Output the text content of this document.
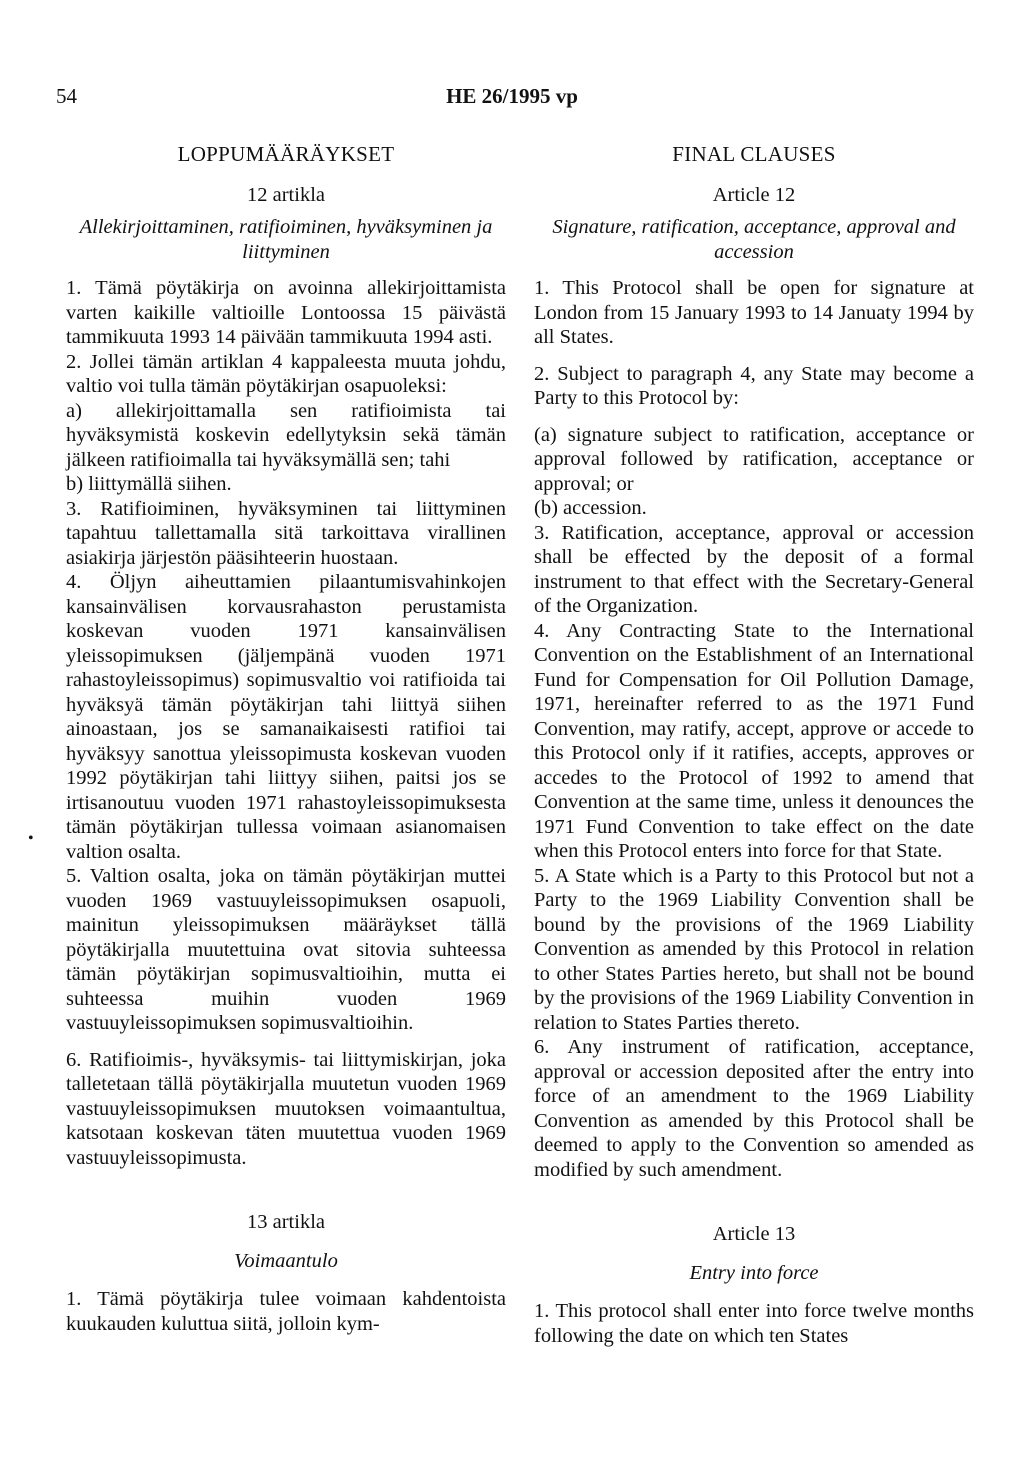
54	HE 26/1995 vp
•
LOPPUMÄÄRÄYKSET
12 artikla
Allekirjoittaminen, ratifioiminen, hyväksyminen ja liittyminen

1. Tämä pöytäkirja on avoinna allekirjoittamista varten kaikille valtioille Lontoossa 15 päivästä tammikuuta 1993 14 päivään tammikuuta 1994 asti.

2. Jollei tämän artiklan 4 kappaleesta muuta johdu, valtio voi tulla tämän pöytäkirjan osapuoleksi:

a) allekirjoittamalla sen ratifioimista tai hyväksymistä koskevin edellytyksin sekä tämän jälkeen ratifioimalla tai hyväksymällä sen; tahi

b) liittymällä siihen.

3. Ratifioiminen, hyväksyminen tai liittyminen tapahtuu tallettamalla sitä tarkoittava virallinen asiakirja järjestön pääsihteerin huostaan.

4. Öljyn aiheuttamien pilaantumisvahinkojen kansainvälisen korvausrahaston perustamista koskevan vuoden 1971 kansainvälisen yleissopimuksen (jäljempänä vuoden 1971 rahastoyleissopimus) sopimusvaltio voi ratifioida tai hyväksyä tämän pöytäkirjan tahi liittyä siihen ainoastaan, jos se samanaikaisesti ratifioi tai hyväksyy sanottua yleissopimusta koskevan vuoden 1992 pöytäkirjan tahi liittyy siihen, paitsi jos se irtisanoutuu vuoden 1971 rahastoyleissopimuksesta tämän pöytäkirjan tullessa voimaan asianomaisen valtion osalta.

5. Valtion osalta, joka on tämän pöytäkirjan muttei vuoden 1969 vastuuyleissopimuksen osapuoli, mainitun yleissopimuksen määräykset tällä pöytäkirjalla muutettuina ovat sitovia suhteessa tämän pöytäkirjan sopimusvaltioihin, mutta ei suhteessa muihin vuoden 1969 vastuuyleissopimuksen sopimusvaltioihin.

6. Ratifioimis-, hyväksymis- tai liittymiskirjan, joka talletetaan tällä pöytäkirjalla muutetun vuoden 1969 vastuuyleissopimuksen muutoksen voimaantultua, katsotaan koskevan täten muutettua vuoden 1969 vastuuyleissopimusta.

13 artikla
Voimaantulo

1. Tämä pöytäkirja tulee voimaan kahdentoista kuukauden kuluttua siitä, jolloin kym-

FINAL CLAUSES
Article 12
Signature, ratification, acceptance, approval and accession

1. This Protocol shall be open for signature at London from 15 January 1993 to 14 Januaty 1994 by all States.

2. Subject to paragraph 4, any State may become a Party to this Protocol by:

(a) signature subject to ratification, acceptance or approval followed by ratification, acceptance or approval; or

(b) accession.

3. Ratification, acceptance, approval or accession shall be effected by the deposit of a formal instrument to that effect with the Secretary-General of the Organization.

4. Any Contracting State to the International Convention on the Establishment of an International Fund for Compensation for Oil Pollution Damage, 1971, hereinafter referred to as the 1971 Fund Convention, may ratify, accept, approve or accede to this Protocol only if it ratifies, accepts, approves or accedes to the Protocol of 1992 to amend that Convention at the same time, unless it denounces the 1971 Fund Convention to take effect on the date when this Protocol enters into force for that State.

5. A State which is a Party to this Protocol but not a Party to the 1969 Liability Convention shall be bound by the provisions of the 1969 Liability Convention as amended by this Protocol in relation to other States Parties hereto, but shall not be bound by the provisions of the 1969 Liability Convention in relation to States Parties thereto.

6. Any instrument of ratification, acceptance, approval or accession deposited after the entry into force of an amendment to the 1969 Liability Convention as amended by this Protocol shall be deemed to apply to the Convention so amended as modified by such amendment.

Article 13
Entry into force

1. This protocol shall enter into force twelve months following the date on which ten States
